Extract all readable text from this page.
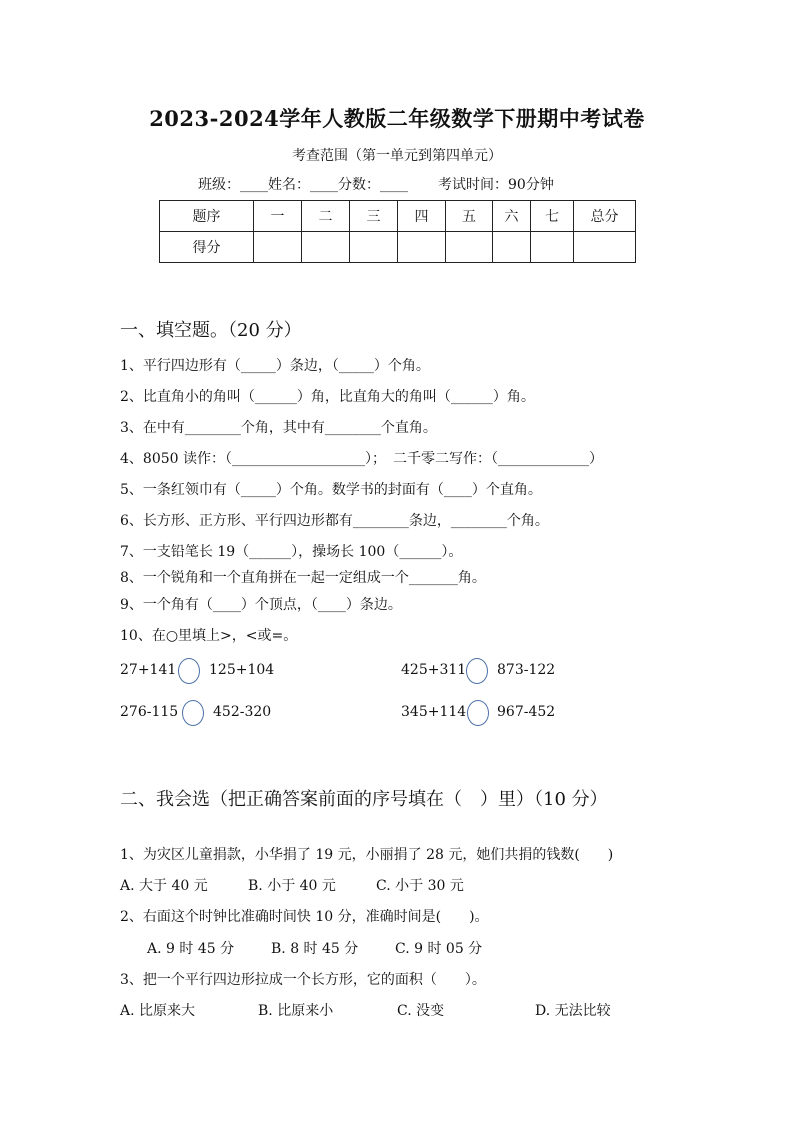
2023-2024学年人教版二年级数学下册期中考试卷
考查范围（第一单元到第四单元）
班级：____姓名：____分数：____ 考试时间：90分钟
题序	一	二	三	四	五	六	七	总分
得分								
一、填空题。（20 分）
1、平行四边形有（_____）条边，（_____）个角。
2、比直角小的角叫（______）角，比直角大的角叫（______）角。
3、在中有________个角，其中有________个直角。
4、8050 读作：（___________________）；　二千零二写作：（_____________）
5、一条红领巾有（_____）个角。数学书的封面有（____）个直角。
6、长方形、正方形、平行四边形都有________条边，________个角。
7、一支铅笔长 19（______），操场长 100（______）。
8、一个锐角和一个直角拼在一起一定组成一个_______角。
9、一个角有（____）个顶点，（____）条边。
10、在○里填上>，<或=。
27+141 125+104	425+311 873-122
276-115 452-320	345+114 967-452
二、我会选（把正确答案前面的序号填在（　）里）（10 分）
1、为灾区儿童捐款，小华捐了 19 元，小丽捐了 28 元，她们共捐的钱数(　　)
A. 大于 40 元	B. 小于 40 元	C. 小于 30 元
2、右面这个时钟比准确时间快 10 分，准确时间是(　　)。
A. 9 时 45 分	B. 8 时 45 分	C. 9 时 05 分
3、把一个平行四边形拉成一个长方形，它的面积（　　）。
A. 比原来大	B. 比原来小	C. 没变	D. 无法比较
